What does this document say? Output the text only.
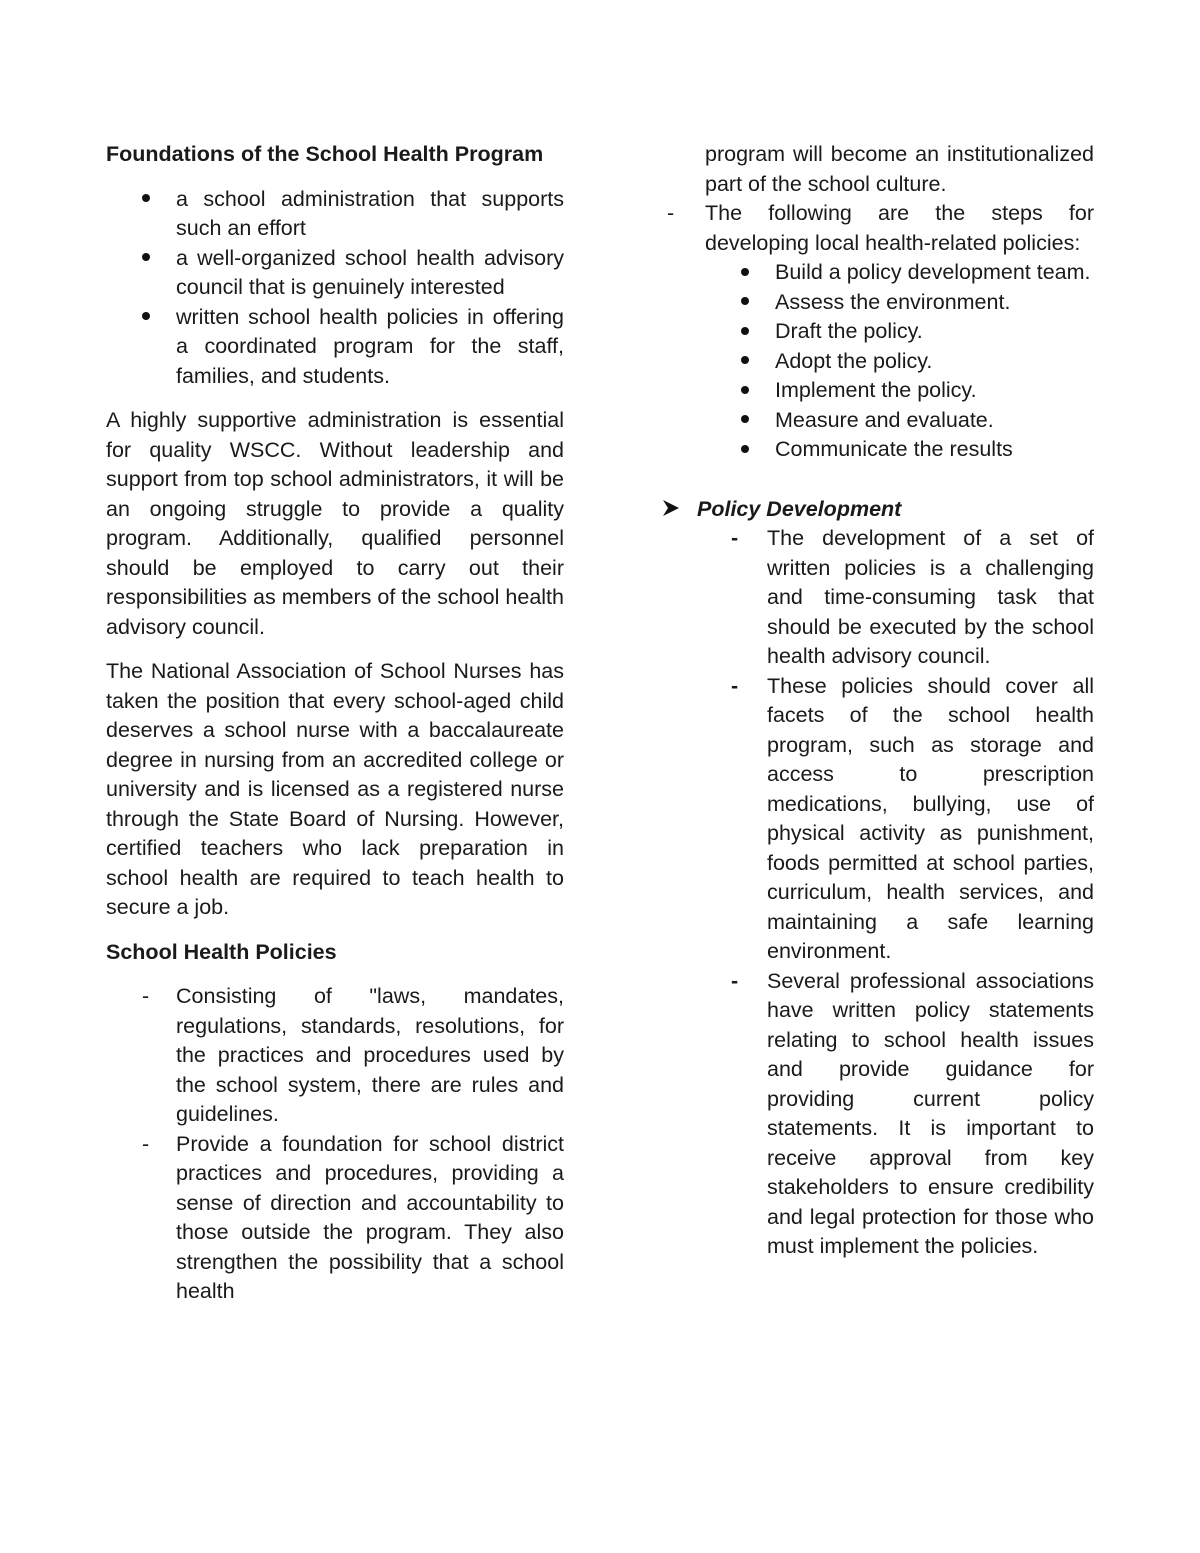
Foundations of the School Health Program
a school administration that supports such an effort
a well-organized school health advisory council that is genuinely interested
written school health policies in offering a coordinated program for the staff, families, and students.

A highly supportive administration is essential for quality WSCC. Without leadership and support from top school administrators, it will be an ongoing struggle to provide a quality program. Additionally, qualified personnel should be employed to carry out their responsibilities as members of the school health advisory council.

The National Association of School Nurses has taken the position that every school-aged child deserves a school nurse with a baccalaureate degree in nursing from an accredited college or university and is licensed as a registered nurse through the State Board of Nursing. However, certified teachers who lack preparation in school health are required to teach health to secure a job.

School Health Policies
- Consisting of "laws, mandates, regulations, standards, resolutions, for the practices and procedures used by the school system, there are rules and guidelines.
- Provide a foundation for school district practices and procedures, providing a sense of direction and accountability to those outside the program. They also strengthen the possibility that a school health
program will become an institutionalized part of the school culture.
- The following are the steps for developing local health-related policies:
Build a policy development team.
Assess the environment.
Draft the policy.
Adopt the policy.
Implement the policy.
Measure and evaluate.
Communicate the results
Policy Development
- The development of a set of written policies is a challenging and time-consuming task that should be executed by the school health advisory council.
- These policies should cover all facets of the school health program, such as storage and access to prescription medications, bullying, use of physical activity as punishment, foods permitted at school parties, curriculum, health services, and maintaining a safe learning environment.
- Several professional associations have written policy statements relating to school health issues and provide guidance for providing current policy statements. It is important to receive approval from key stakeholders to ensure credibility and legal protection for those who must implement the policies.
